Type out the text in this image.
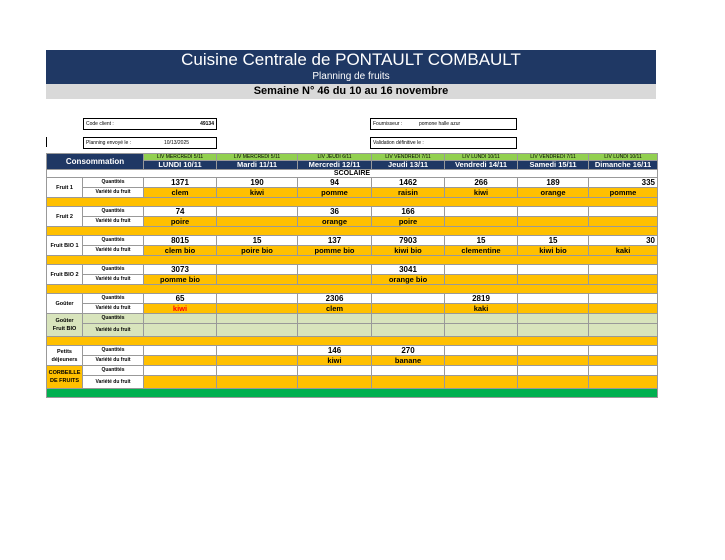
Cuisine Centrale de PONTAULT COMBAULT
Planning de fruits
Semaine N° 46 du 10 au 16 novembre
Code client :	49134
Planning envoyé le :	10/13/2025
Fournisseur :	pomone halle azur
Validation définitive le :
Consommation		LIV MERCREDI 5/11	LIV MERCREDI 5/11	LIV JEUDI 6/11	LIV VENDREDI 7/11	LIV LUNDI 10/11	LIV VENDREDI 7/11	LIV LUNDI 10/11
		LUNDI 10/11	Mardi 11/11	Mercredi 12/11	Jeudi 13/11	Vendredi 14/11	Samedi 15/11	Dimanche 16/11
SCOLAIRE								
Fruit 1	Quantités	1371	190	94	1462	266	189	335
	Variété du fruit	clem	kiwi	pomme	raisin	kiwi	orange	pomme

Fruit 2	Quantités	74		36	166			
	Variété du fruit	poire		orange	poire			

Fruit BIO 1	Quantités	8015	15	137	7903	15	15	30
	Variété du fruit	clem bio	poire bio	pomme bio	kiwi bio	clementine	kiwi bio	kaki

Fruit BIO 2	Quantités	3073			3041			
	Variété du fruit	pomme bio			orange bio			

Goûter	Quantités	65		2306		2819		
	Variété du fruit	kiwi		clem		kaki		

Goûter
Fruit BIO	Quantités							
	Variété du fruit							

Petits
déjeuners	Quantités			146	270			
	Variété du fruit			kiwi	banane			

CORBEILLE
DE FRUITS	Quantités							
	Variété du fruit							
